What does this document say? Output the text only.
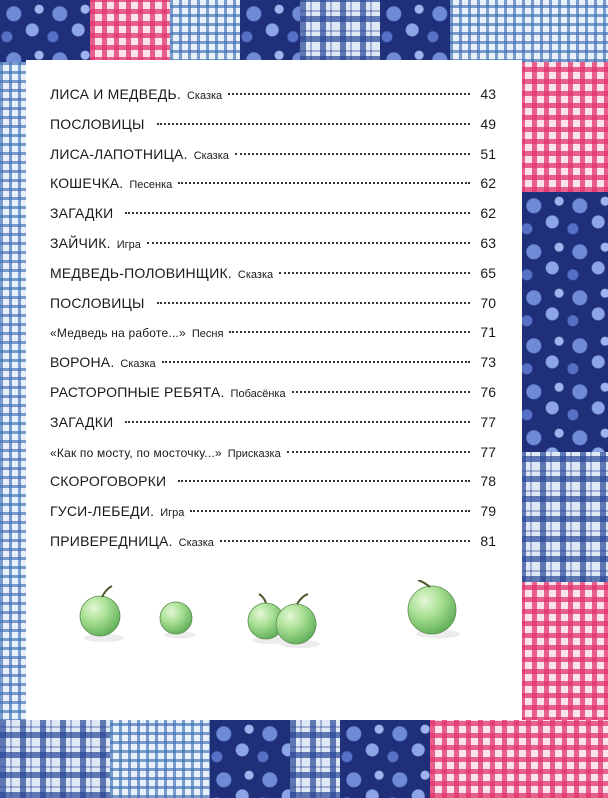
ЛИСА И МЕДВЕДЬ. Сказка	43
ПОСЛОВИЦЫ	49
ЛИСА-ЛАПОТНИЦА. Сказка	51
КОШЕЧКА. Песенка	62
ЗАГАДКИ	62
ЗАЙЧИК. Игра	63
МЕДВЕДЬ-ПОЛОВИНЩИК. Сказка	65
ПОСЛОВИЦЫ	70
«Медведь на работе...» Песня	71
ВОРОНА. Сказка	73
РАСТОРОПНЫЕ РЕБЯТА. Побасёнка	76
ЗАГАДКИ	77
«Как по мосту, по мосточку...» Присказка	77
СКОРОГОВОРКИ	78
ГУСИ-ЛЕБЕДИ. Игра	79
ПРИВЕРЕДНИЦА. Сказка	81
